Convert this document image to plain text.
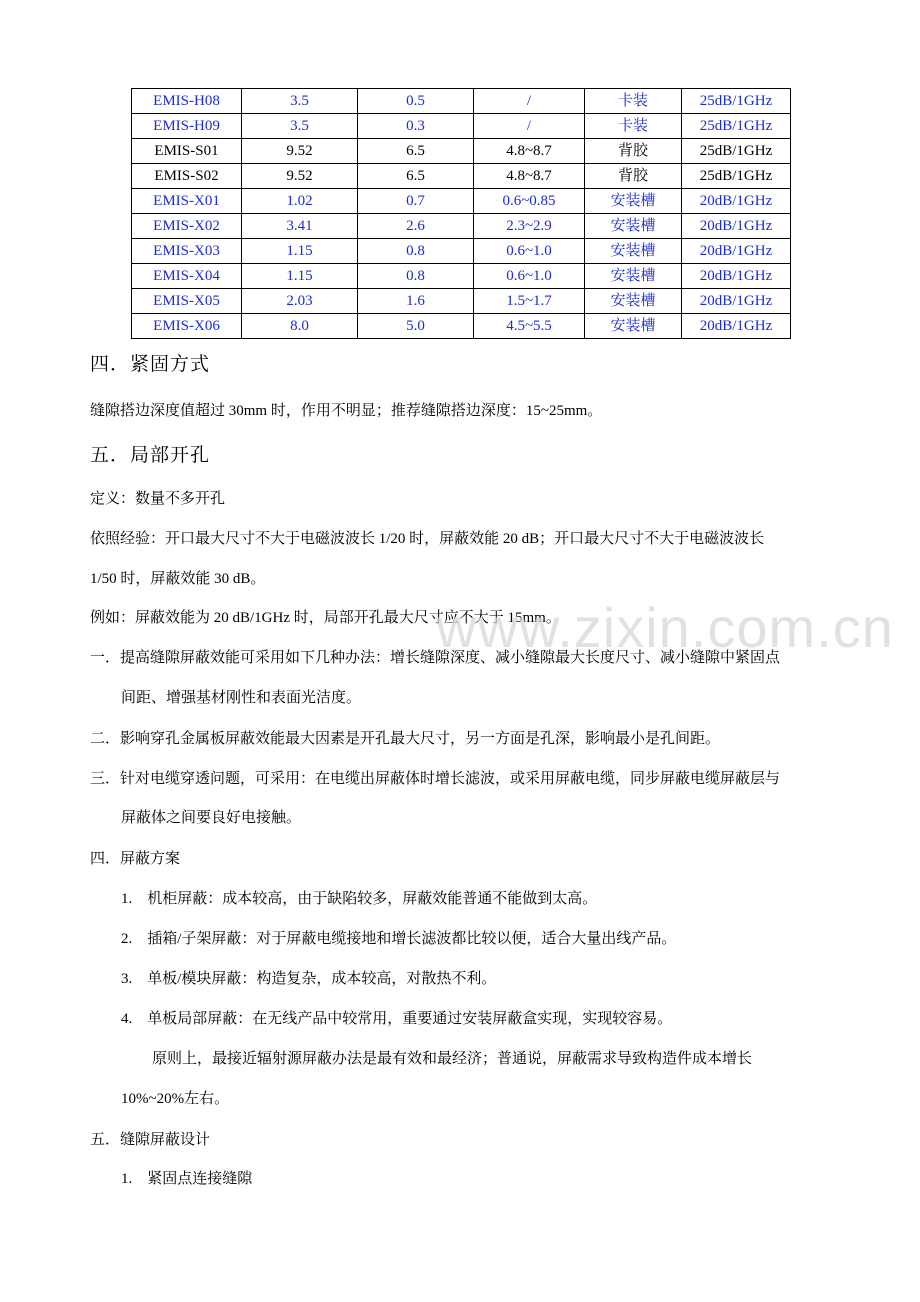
EMIS-H08	3.5	0.5	/	卡装	25dB/1GHz
EMIS-H09	3.5	0.3	/	卡装	25dB/1GHz
EMIS-S01	9.52	6.5	4.8~8.7	背胶	25dB/1GHz
EMIS-S02	9.52	6.5	4.8~8.7	背胶	25dB/1GHz
EMIS-X01	1.02	0.7	0.6~0.85	安装槽	20dB/1GHz
EMIS-X02	3.41	2.6	2.3~2.9	安装槽	20dB/1GHz
EMIS-X03	1.15	0.8	0.6~1.0	安装槽	20dB/1GHz
EMIS-X04	1.15	0.8	0.6~1.0	安装槽	20dB/1GHz
EMIS-X05	2.03	1.6	1.5~1.7	安装槽	20dB/1GHz
EMIS-X06	8.0	5.0	4.5~5.5	安装槽	20dB/1GHz
四．紧固方式
缝隙搭边深度值超过 30mm 时，作用不明显；推荐缝隙搭边深度：15~25mm。
五．局部开孔
定义：数量不多开孔
依照经验：开口最大尺寸不大于电磁波波长 1/20 时，屏蔽效能 20 dB；开口最大尺寸不大于电磁波波长
1/50 时，屏蔽效能 30 dB。
例如：屏蔽效能为 20 dB/1GHz 时，局部开孔最大尺寸应不大于 15mm。
一．提高缝隙屏蔽效能可采用如下几种办法：增长缝隙深度、减小缝隙最大长度尺寸、减小缝隙中紧固点
间距、增强基材刚性和表面光洁度。
二．影响穿孔金属板屏蔽效能最大因素是开孔最大尺寸，另一方面是孔深，影响最小是孔间距。
三．针对电缆穿透问题，可采用：在电缆出屏蔽体时增长滤波，或采用屏蔽电缆，同步屏蔽电缆屏蔽层与
屏蔽体之间要良好电接触。
四．屏蔽方案
1.　机柜屏蔽：成本较高，由于缺陷较多，屏蔽效能普通不能做到太高。
2.　插箱/子架屏蔽：对于屏蔽电缆接地和增长滤波都比较以便，适合大量出线产品。
3.　单板/模块屏蔽：构造复杂，成本较高，对散热不利。
4.　单板局部屏蔽：在无线产品中较常用，重要通过安装屏蔽盒实现，实现较容易。
原则上，最接近辐射源屏蔽办法是最有效和最经济；普通说，屏蔽需求导致构造件成本增长
10%~20%左右。
五．缝隙屏蔽设计
1.　紧固点连接缝隙
www.zixin.com.cn
